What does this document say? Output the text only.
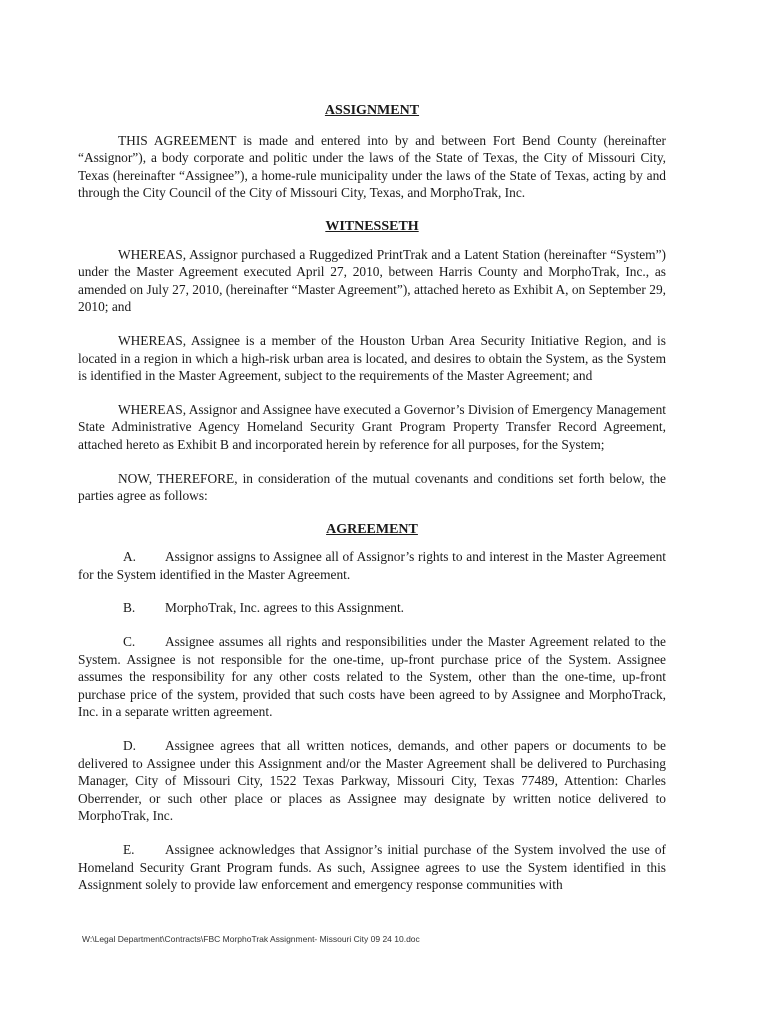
ASSIGNMENT

THIS AGREEMENT is made and entered into by and between Fort Bend County (hereinafter “Assignor”), a body corporate and politic under the laws of the State of Texas, the City of Missouri City, Texas (hereinafter “Assignee”), a home-rule municipality under the laws of the State of Texas, acting by and through the City Council of the City of Missouri City, Texas, and MorphoTrak, Inc.

WITNESSETH

WHEREAS, Assignor purchased a Ruggedized PrintTrak and a Latent Station (hereinafter “System”) under the Master Agreement executed April 27, 2010, between Harris County and MorphoTrak, Inc., as amended on July 27, 2010, (hereinafter “Master Agreement”), attached hereto as Exhibit A, on September 29, 2010; and

WHEREAS, Assignee is a member of the Houston Urban Area Security Initiative Region, and is located in a region in which a high-risk urban area is located, and desires to obtain the System, as the System is identified in the Master Agreement, subject to the requirements of the Master Agreement; and

WHEREAS, Assignor and Assignee have executed a Governor’s Division of Emergency Management State Administrative Agency Homeland Security Grant Program Property Transfer Record Agreement, attached hereto as Exhibit B and incorporated herein by reference for all purposes, for the System;

NOW, THEREFORE, in consideration of the mutual covenants and conditions set forth below, the parties agree as follows:

AGREEMENT

A. Assignor assigns to Assignee all of Assignor’s rights to and interest in the Master Agreement for the System identified in the Master Agreement.

B. MorphoTrak, Inc. agrees to this Assignment.

C. Assignee assumes all rights and responsibilities under the Master Agreement related to the System. Assignee is not responsible for the one-time, up-front purchase price of the System. Assignee assumes the responsibility for any other costs related to the System, other than the one-time, up-front purchase price of the system, provided that such costs have been agreed to by Assignee and MorphoTrack, Inc. in a separate written agreement.

D. Assignee agrees that all written notices, demands, and other papers or documents to be delivered to Assignee under this Assignment and/or the Master Agreement shall be delivered to Purchasing Manager, City of Missouri City, 1522 Texas Parkway, Missouri City, Texas 77489, Attention: Charles Oberrender, or such other place or places as Assignee may designate by written notice delivered to MorphoTrak, Inc.

E. Assignee acknowledges that Assignor’s initial purchase of the System involved the use of Homeland Security Grant Program funds. As such, Assignee agrees to use the System identified in this Assignment solely to provide law enforcement and emergency response communities with

W:\Legal Department\Contracts\FBC MorphoTrak Assignment- Missouri City 09 24 10.doc
